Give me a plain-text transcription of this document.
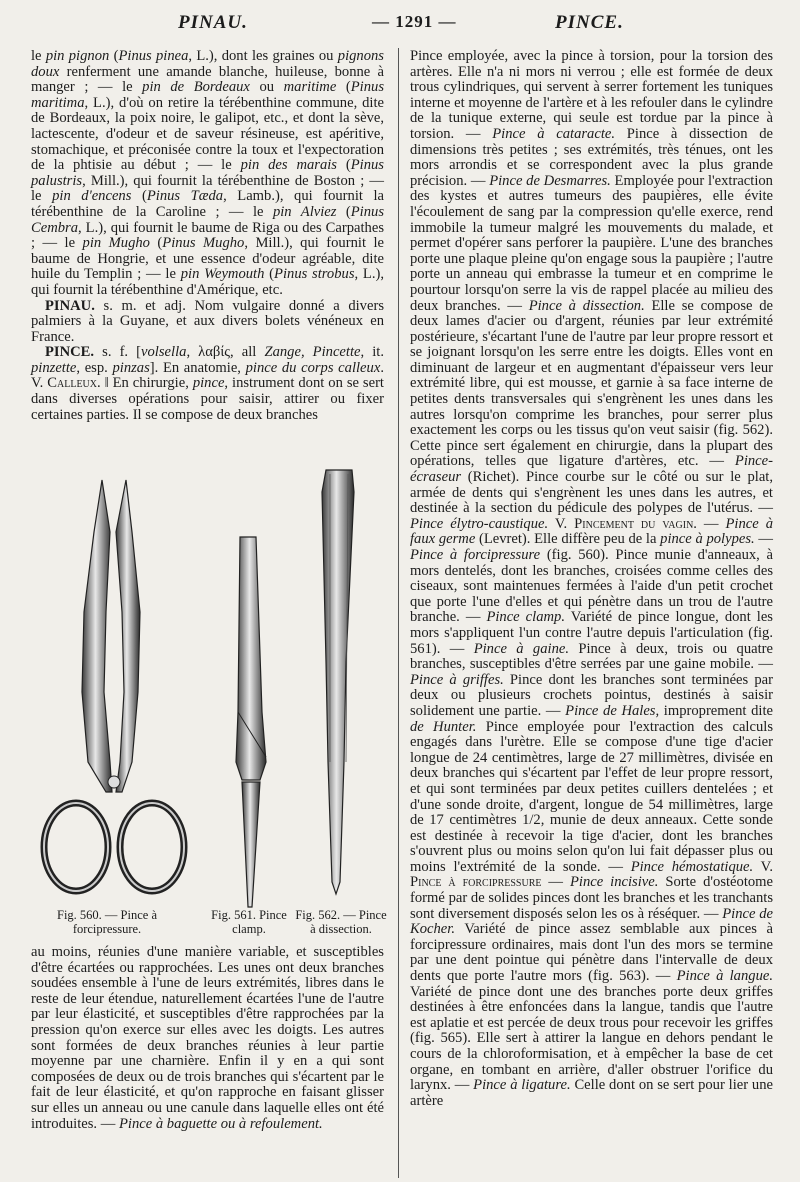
PINAU.	— 1291 —	PINCE.

le pin pignon (Pinus pinea, L.), dont les graines ou pignons doux renferment une amande blanche, huileuse, bonne à manger ; — le pin de Bordeaux ou maritime (Pinus maritima, L.), d'où on retire la térébenthine commune, dite de Bordeaux, la poix noire, le galipot, etc., et dont la sève, lactescente, d'odeur et de saveur résineuse, est apéritive, stomachique, et préconisée contre la toux et l'expectoration de la phtisie au début ; — le pin des marais (Pinus palustris, Mill.), qui fournit la térébenthine de Boston ; — le pin d'encens (Pinus Tæda, Lamb.), qui fournit la térébenthine de la Caroline ; — le pin Alviez (Pinus Cembra, L.), qui fournit le baume de Riga ou des Carpathes ; — le pin Mugho (Pinus Mugho, Mill.), qui fournit le baume de Hongrie, et une essence d'odeur agréable, dite huile du Templin ; — le pin Weymouth (Pinus strobus, L.), qui fournit la térébenthine d'Amérique, etc.

PINAU. s. m. et adj. Nom vulgaire donné a divers palmiers à la Guyane, et aux divers bolets vénéneux en France.

PINCE. s. f. [volsella, λαβίς, all Zange, Pincette, it. pinzette, esp. pinzas]. En anatomie, pince du corps calleux. V. Calleux. ‖ En chirurgie, pince, instrument dont on se sert dans diverses opérations pour saisir, attirer ou fixer certaines parties. Il se compose de deux branches

Fig. 560. — Pince à forcipressure.
Fig. 561. Pince clamp.
Fig. 562. — Pince à dissection.

au moins, réunies d'une manière variable, et susceptibles d'être écartées ou rapprochées. Les unes ont deux branches soudées ensemble à l'une de leurs extrémités, libres dans le reste de leur étendue, naturellement écartées l'une de l'autre par leur élasticité, et susceptibles d'être rapprochées par la pression qu'on exerce sur elles avec les doigts. Les autres sont formées de deux branches réunies à leur partie moyenne par une charnière. Enfin il y en a qui sont composées de deux ou de trois branches qui s'écartent par le fait de leur élasticité, et qu'on rapproche en faisant glisser sur elles un anneau ou une canule dans laquelle elles ont été introduites. — Pince à baguette ou à refoulement.

Pince employée, avec la pince à torsion, pour la torsion des artères. Elle n'a ni mors ni verrou ; elle est formée de deux trous cylindriques, qui servent à serrer fortement les tuniques interne et moyenne de l'artère et à les refouler dans le cylindre de la tunique externe, qui seule est tordue par la pince à torsion. — Pince à cataracte. Pince à dissection de dimensions très petites ; ses extrémités, très ténues, ont les mors arrondis et se correspondent avec la plus grande précision. — Pince de Desmarres. Employée pour l'extraction des kystes et autres tumeurs des paupières, elle évite l'écoulement de sang par la compression qu'elle exerce, rend immobile la tumeur malgré les mouvements du malade, et permet d'opérer sans perforer la paupière. L'une des branches porte une plaque pleine qu'on engage sous la paupière ; l'autre porte un anneau qui embrasse la tumeur et en comprime le pourtour lorsqu'on serre la vis de rappel placée au milieu des deux branches. — Pince à dissection. Elle se compose de deux lames d'acier ou d'argent, réunies par leur extrémité postérieure, s'écartant l'une de l'autre par leur propre ressort et se joignant lorsqu'on les serre entre les doigts. Elles vont en diminuant de largeur et en augmentant d'épaisseur vers leur extrémité libre, qui est mousse, et garnie à sa face interne de petites dents transversales qui s'engrènent les unes dans les autres lorsqu'on comprime les branches, pour serrer plus exactement les corps ou les tissus qu'on veut saisir (fig. 562). Cette pince sert également en chirurgie, dans la plupart des opérations, telles que ligature d'artères, etc. — Pince-écraseur (Richet). Pince courbe sur le côté ou sur le plat, armée de dents qui s'engrènent les unes dans les autres, et destinée à la section du pédicule des polypes de l'utérus. — Pince élytro-caustique. V. Pincement du vagin. — Pince à faux germe (Levret). Elle diffère peu de la pince à polypes. — Pince à forcipressure (fig. 560). Pince munie d'anneaux, à mors dentelés, dont les branches, croisées comme celles des ciseaux, sont maintenues fermées à l'aide d'un petit crochet que porte l'une d'elles et qui pénètre dans un trou de l'autre branche. — Pince clamp. Variété de pince longue, dont les mors s'appliquent l'un contre l'autre depuis l'articulation (fig. 561). — Pince à gaine. Pince à deux, trois ou quatre branches, susceptibles d'être serrées par une gaine mobile. — Pince à griffes. Pince dont les branches sont terminées par deux ou plusieurs crochets pointus, destinés à saisir solidement une partie. — Pince de Hales, improprement dite de Hunter. Pince employée pour l'extraction des calculs engagés dans l'urètre. Elle se compose d'une tige d'acier longue de 24 centimètres, large de 27 millimètres, divisée en deux branches qui s'écartent par l'effet de leur propre ressort, et qui sont terminées par deux petites cuillers dentelées ; et d'une sonde droite, d'argent, longue de 54 millimètres, large de 17 centimètres 1/2, munie de deux anneaux. Cette sonde est destinée à recevoir la tige d'acier, dont les branches s'ouvrent plus ou moins selon qu'on lui fait dépasser plus ou moins l'extrémité de la sonde. — Pince hémostatique. V. Pince à forcipressure — Pince incisive. Sorte d'ostéotome formé par de solides pinces dont les branches et les tranchants sont diversement disposés selon les os à réséquer. — Pince de Kocher. Variété de pince assez semblable aux pinces à forcipressure ordinaires, mais dont l'un des mors se termine par une dent pointue qui pénètre dans l'intervalle de deux dents que porte l'autre mors (fig. 563). — Pince à langue. Variété de pince dont une des branches porte deux griffes destinées à être enfoncées dans la langue, tandis que l'autre est aplatie et est percée de deux trous pour recevoir les griffes (fig. 565). Elle sert à attirer la langue en dehors pendant le cours de la chloroformisation, et à empêcher la base de cet organe, en tombant en arrière, d'aller obstruer l'orifice du larynx. — Pince à ligature. Celle dont on se sert pour lier une artère
